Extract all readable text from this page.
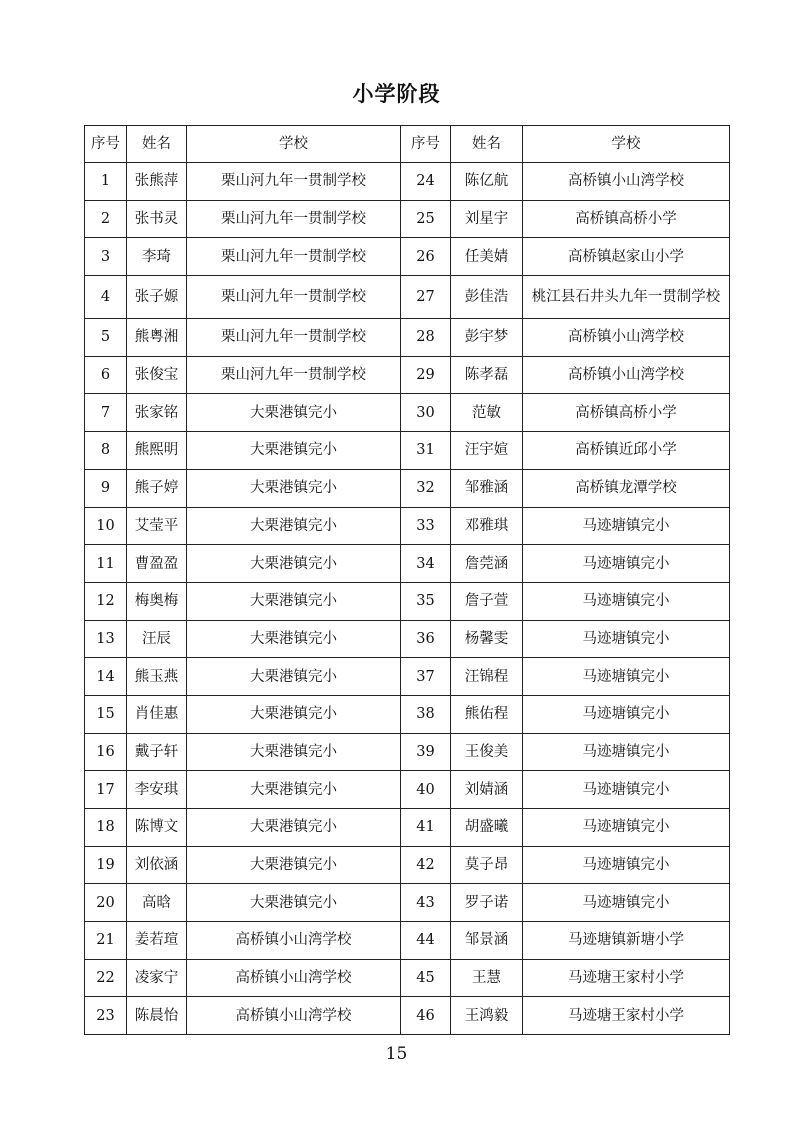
小学阶段
序号	姓名	学校	序号	姓名	学校
1	张熊萍	栗山河九年一贯制学校	24	陈亿航	高桥镇小山湾学校
2	张书灵	栗山河九年一贯制学校	25	刘星宇	高桥镇高桥小学
3	李琦	栗山河九年一贯制学校	26	任美婧	高桥镇赵家山小学
4	张子嫄	栗山河九年一贯制学校	27	彭佳浩	桃江县石井头九年一贯制学校
5	熊粤湘	栗山河九年一贯制学校	28	彭宇梦	高桥镇小山湾学校
6	张俊宝	栗山河九年一贯制学校	29	陈孝磊	高桥镇小山湾学校
7	张家铭	大栗港镇完小	30	范敏	高桥镇高桥小学
8	熊熙明	大栗港镇完小	31	汪宇媗	高桥镇近邱小学
9	熊子婷	大栗港镇完小	32	邹雅涵	高桥镇龙潭学校
10	艾莹平	大栗港镇完小	33	邓雅琪	马迹塘镇完小
11	曹盈盈	大栗港镇完小	34	詹莞涵	马迹塘镇完小
12	梅奥梅	大栗港镇完小	35	詹子萱	马迹塘镇完小
13	汪辰	大栗港镇完小	36	杨馨雯	马迹塘镇完小
14	熊玉燕	大栗港镇完小	37	汪锦程	马迹塘镇完小
15	肖佳惠	大栗港镇完小	38	熊佑程	马迹塘镇完小
16	戴子轩	大栗港镇完小	39	王俊美	马迹塘镇完小
17	李安琪	大栗港镇完小	40	刘婧涵	马迹塘镇完小
18	陈博文	大栗港镇完小	41	胡盛曦	马迹塘镇完小
19	刘依涵	大栗港镇完小	42	莫子昂	马迹塘镇完小
20	高晗	大栗港镇完小	43	罗子诺	马迹塘镇完小
21	姜若瑄	高桥镇小山湾学校	44	邹景涵	马迹塘镇新塘小学
22	凌家宁	高桥镇小山湾学校	45	王慧	马迹塘王家村小学
23	陈晨怡	高桥镇小山湾学校	46	王鸿毅	马迹塘王家村小学
15
